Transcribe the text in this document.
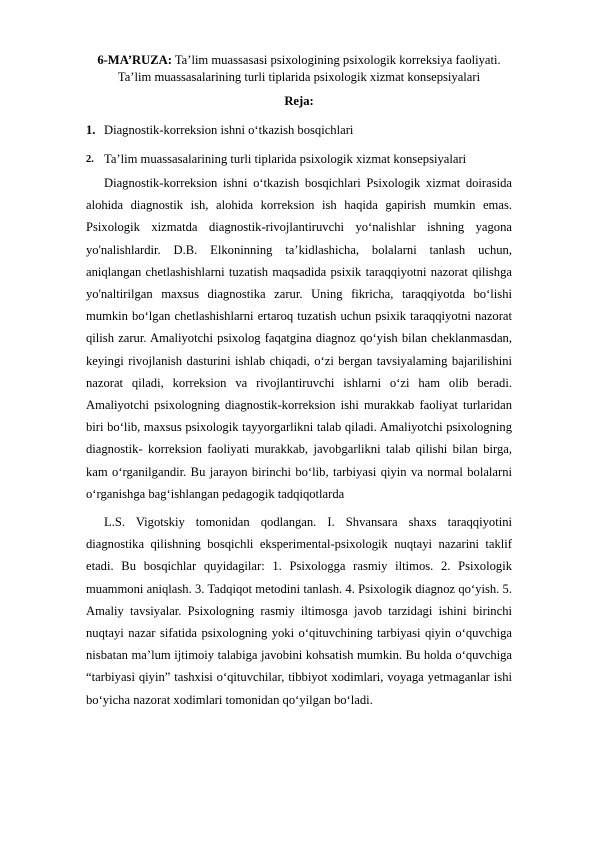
6-MA’RUZA: Ta’lim muassasasi psixologining psixologik korreksiya faoliyati.
Ta’lim muassasalarining turli tiplarida psixologik xizmat konsepsiyalari

Reja:

1. Diagnostik-korreksion ishni o‘tkazish bosqichlari
2. Ta’lim muassasalarining turli tiplarida psixologik xizmat konsepsiyalari

Diagnostik-korreksion ishni o‘tkazish bosqichlari Psixologik xizmat doirasida alohida diagnostik ish, alohida korreksion ish haqida gapirish mumkin emas. Psixologik xizmatda diagnostik-rivojlantiruvchi yo‘nalishlar ishning yagona yo'nalishlardir. D.B. Elkoninning ta’kidlashicha, bolalarni tanlash uchun, aniqlangan chetlashishlarni tuzatish maqsadida psixik taraqqiyotni nazorat qilishga yo'naltirilgan maxsus diagnostika zarur. Uning fikricha, taraqqiyotda bo‘lishi mumkin bo‘lgan chetlashishlarni ertaroq tuzatish uchun psixik taraqqiyotni nazorat qilish zarur. Amaliyotchi psixolog faqatgina diagnoz qo‘yish bilan cheklanmasdan, keyingi rivojlanish dasturini ishlab chiqadi, o‘zi bergan tavsiyalaming bajarilishini nazorat qiladi, korreksion va rivojlantiruvchi ishlarni o‘zi ham olib beradi. Amaliyotchi psixologning diagnostik-korreksion ishi murakkab faoliyat turlaridan biri bo‘lib, maxsus psixologik tayyorgarlikni talab qiladi. Amaliyotchi psixologning diagnostik- korreksion faoliyati murakkab, javobgarlikni talab qilishi bilan birga, kam o‘rganilgandir. Bu jarayon birinchi bo‘lib, tarbiyasi qiyin va normal bolalarni o‘rganishga bag‘ishlangan pedagogik tadqiqotlarda

L.S. Vigotskiy tomonidan qodlangan. I. Shvansara shaxs taraqqiyotini diagnostika qilishning bosqichli eksperimental-psixologik nuqtayi nazarini taklif etadi. Bu bosqichlar quyidagilar: 1. Psixologga rasmiy iltimos. 2. Psixologik muammoni aniqlash. 3. Tadqiqot metodini tanlash. 4. Psixologik diagnoz qo‘yish. 5. Amaliy tavsiyalar. Psixologning rasmiy iltimosga javob tarzidagi ishini birinchi nuqtayi nazar sifatida psixologning yoki o‘qituvchining tarbiyasi qiyin o‘quvchiga nisbatan ma’lum ijtimoiy talabiga javobini kohsatish mumkin. Bu holda o‘quvchiga “tarbiyasi qiyin” tashxisi o‘qituvchilar, tibbiyot xodimlari, voyaga yetmaganlar ishi bo‘yicha nazorat xodimlari tomonidan qo‘yilgan bo‘ladi.
